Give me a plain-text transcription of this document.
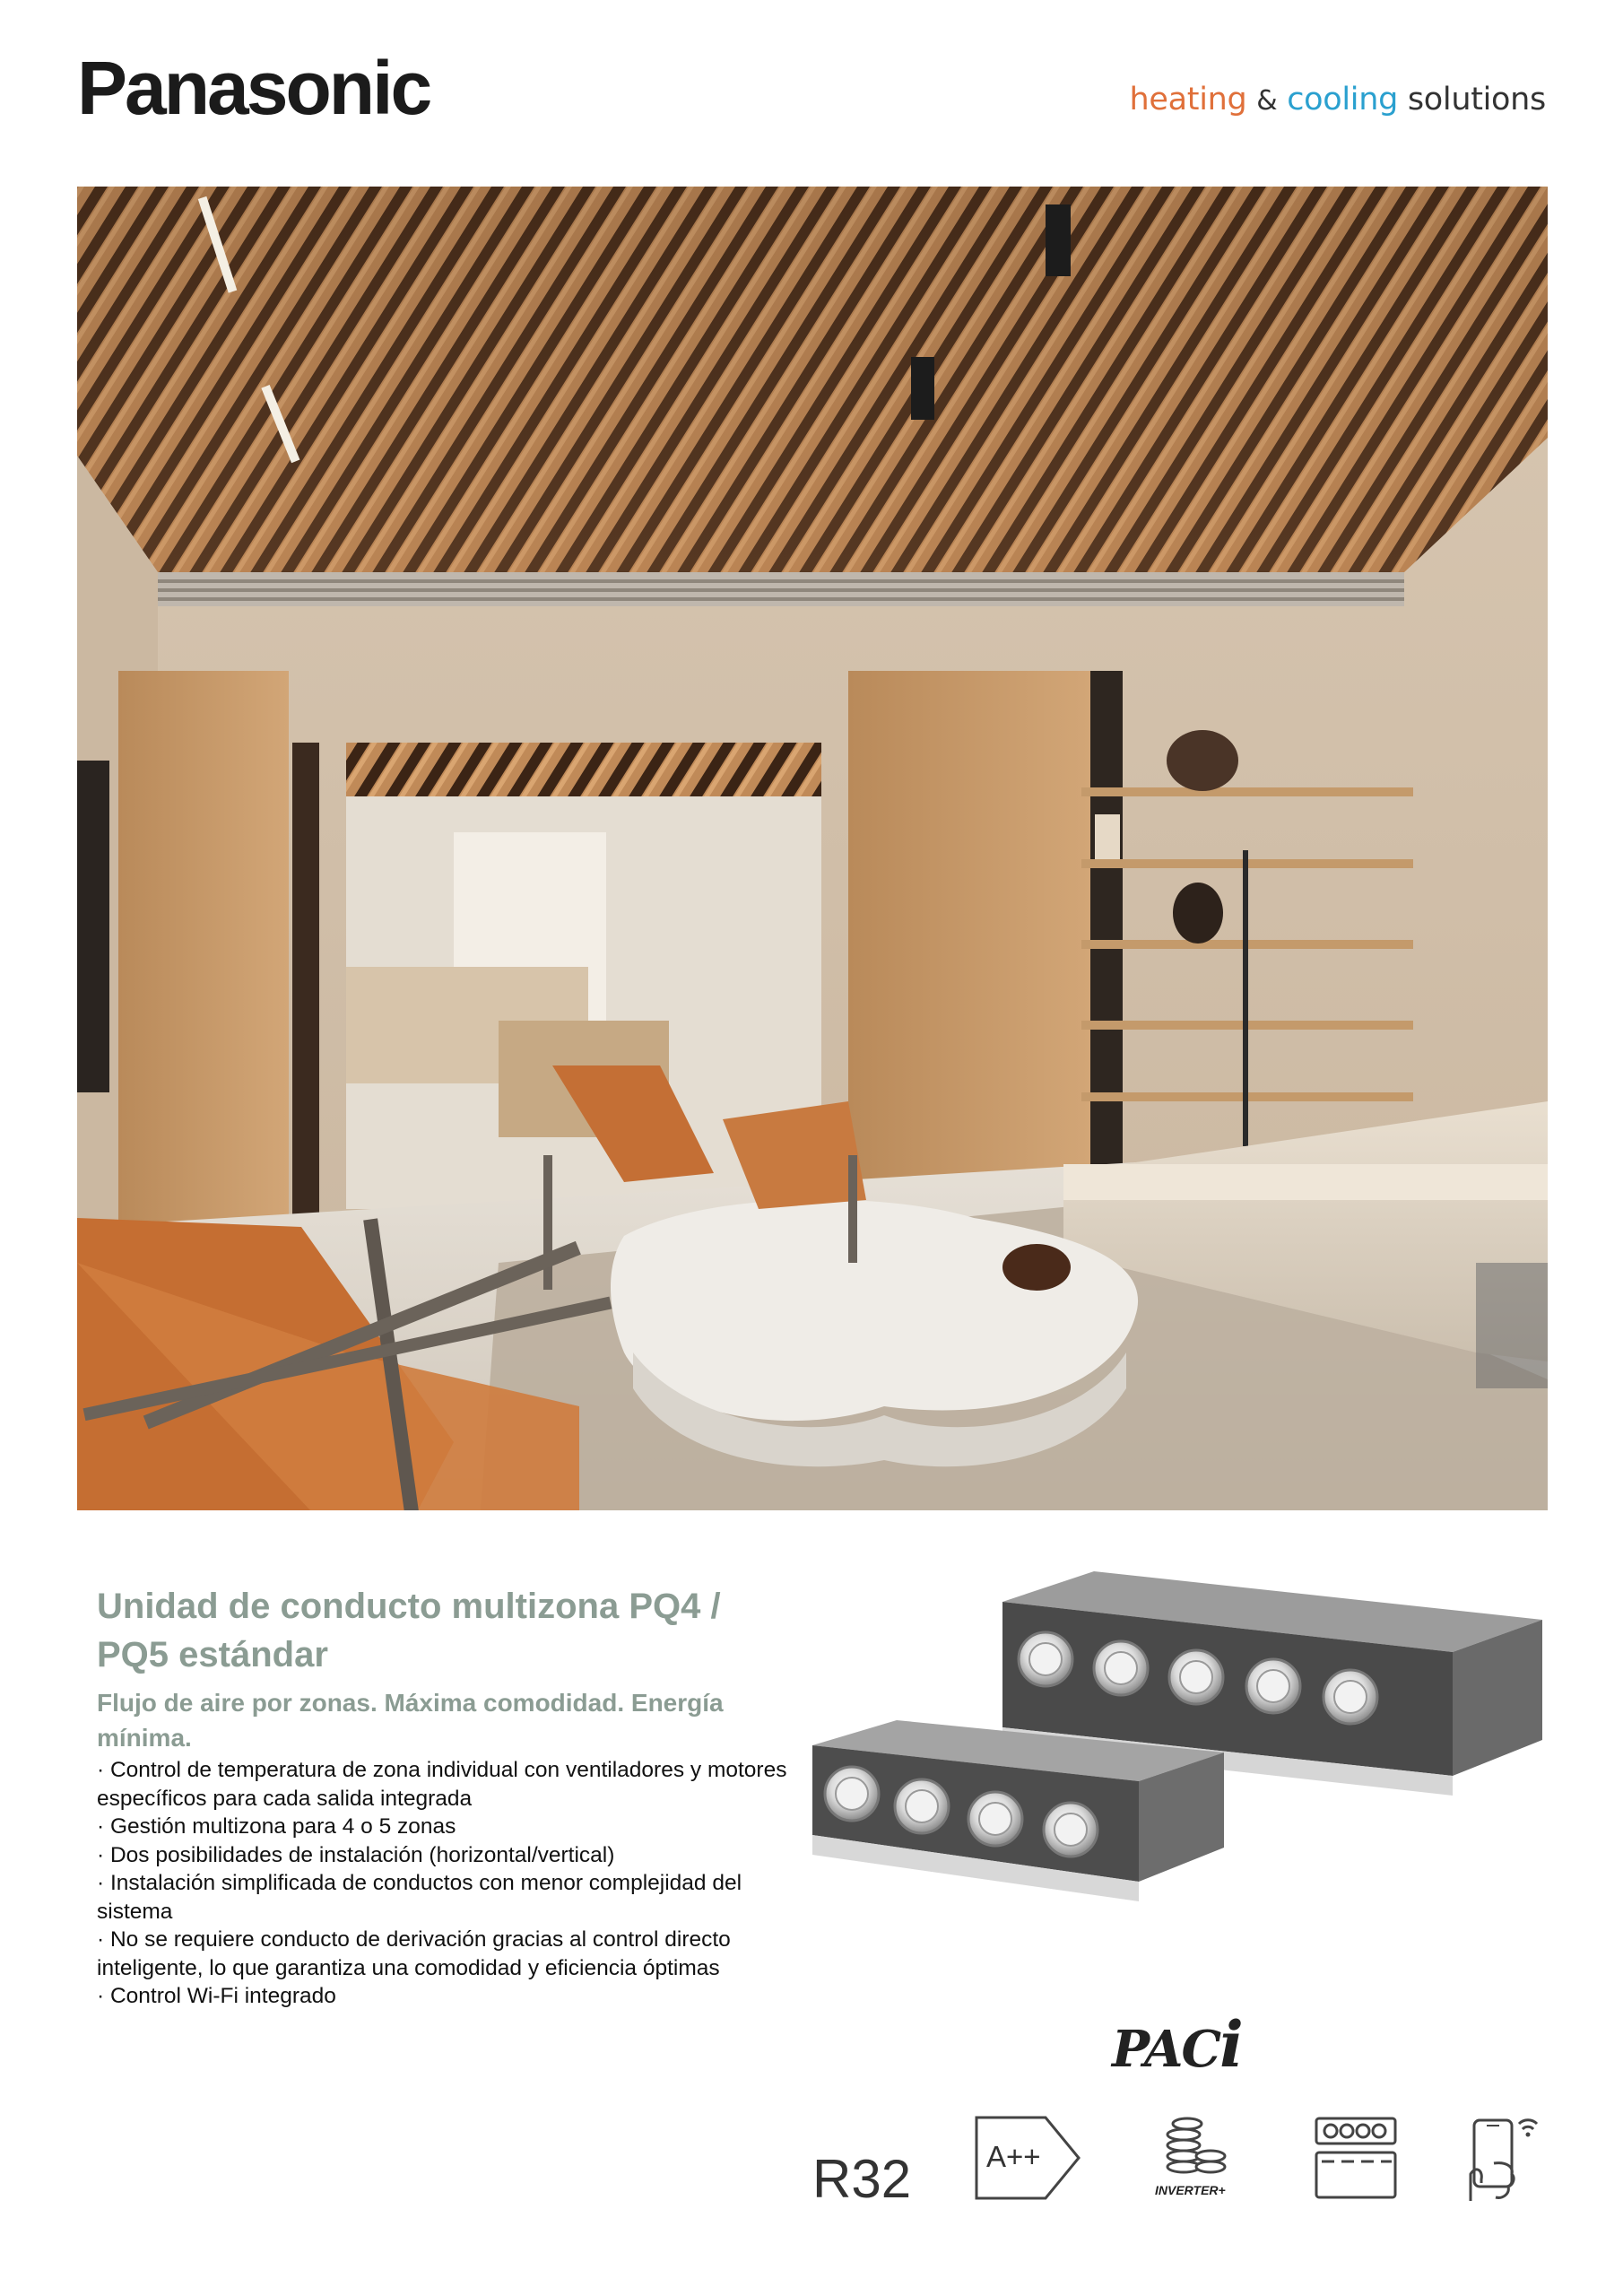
Panasonic	heating & cooling solutions
Unidad de conducto multizona PQ4 / PQ5 estándar
Flujo de aire por zonas. Máxima comodidad. Energía mínima.
· Control de temperatura de zona individual con ventiladores y motores específicos para cada salida integrada
· Gestión multizona para 4 o 5 zonas
· Dos posibilidades de instalación (horizontal/vertical)
· Instalación simplificada de conductos con menor complejidad del sistema
· No se requiere conducto de derivación gracias al control directo inteligente, lo que garantiza una comodidad y eficiencia óptimas
· Control Wi-Fi integrado
PACi
R32	A++
INVERTER+
